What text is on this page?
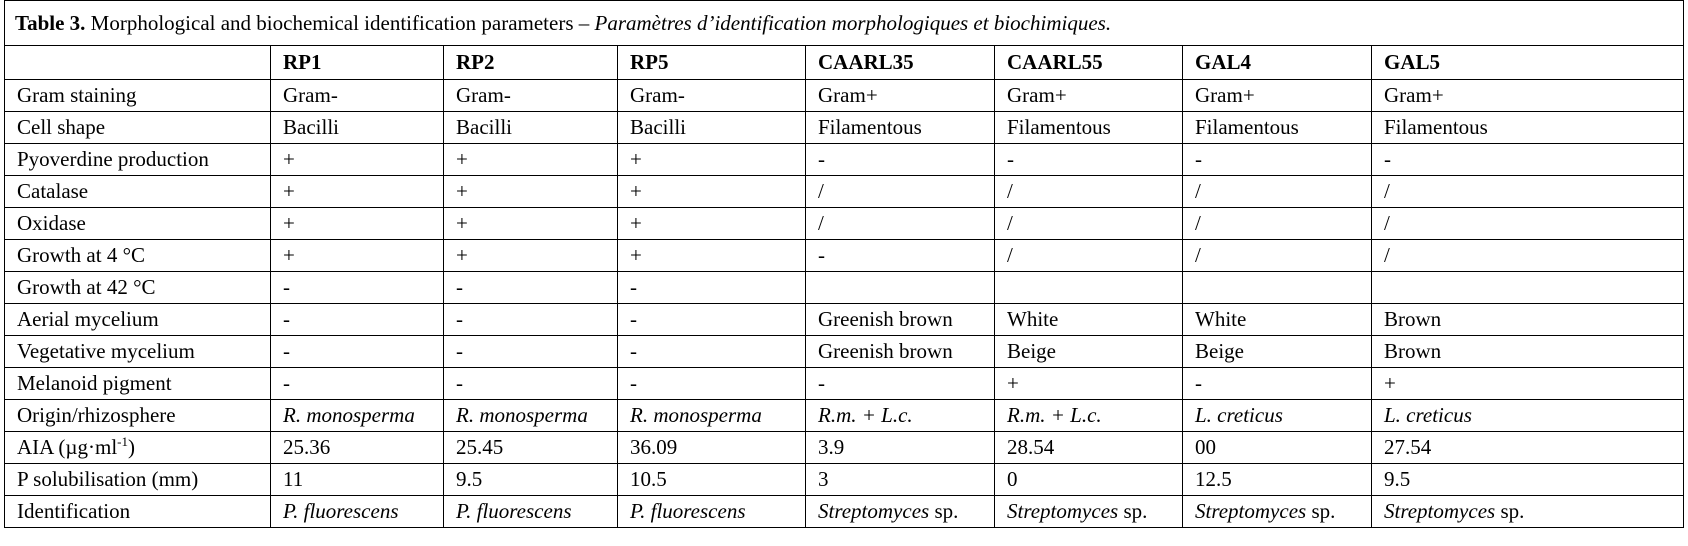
Table 3. Morphological and biochemical identification parameters – Paramètres d’identification morphologiques et biochimiques.							
	RP1	RP2	RP5	CAARL35	CAARL55	GAL4	GAL5
Gram staining	Gram-	Gram-	Gram-	Gram+	Gram+	Gram+	Gram+
Cell shape	Bacilli	Bacilli	Bacilli	Filamentous	Filamentous	Filamentous	Filamentous
Pyoverdine production	+	+	+	-	-	-	-
Catalase	+	+	+	/	/	/	/
Oxidase	+	+	+	/	/	/	/
Growth at 4 °C	+	+	+	-	/	/	/
Growth at 42 °C	-	-	-				
Aerial mycelium	-	-	-	Greenish brown	White	White	Brown
Vegetative mycelium	-	-	-	Greenish brown	Beige	Beige	Brown
Melanoid pigment	-	-	-	-	+	-	+
Origin/rhizosphere	R. monosperma	R. monosperma	R. monosperma	R.m. + L.c.	R.m. + L.c.	L. creticus	L. creticus
AIA $(\mu g\cdot ml^{-1})$	25.36	25.45	36.09	3.9	28.54	00	27.54
P solubilisation (mm)	11	9.5	10.5	3	0	12.5	9.5
Identification	P. fluorescens	P. fluorescens	P. fluorescens	Streptomyces sp.	Streptomyces sp.	Streptomyces sp.	Streptomyces sp.
